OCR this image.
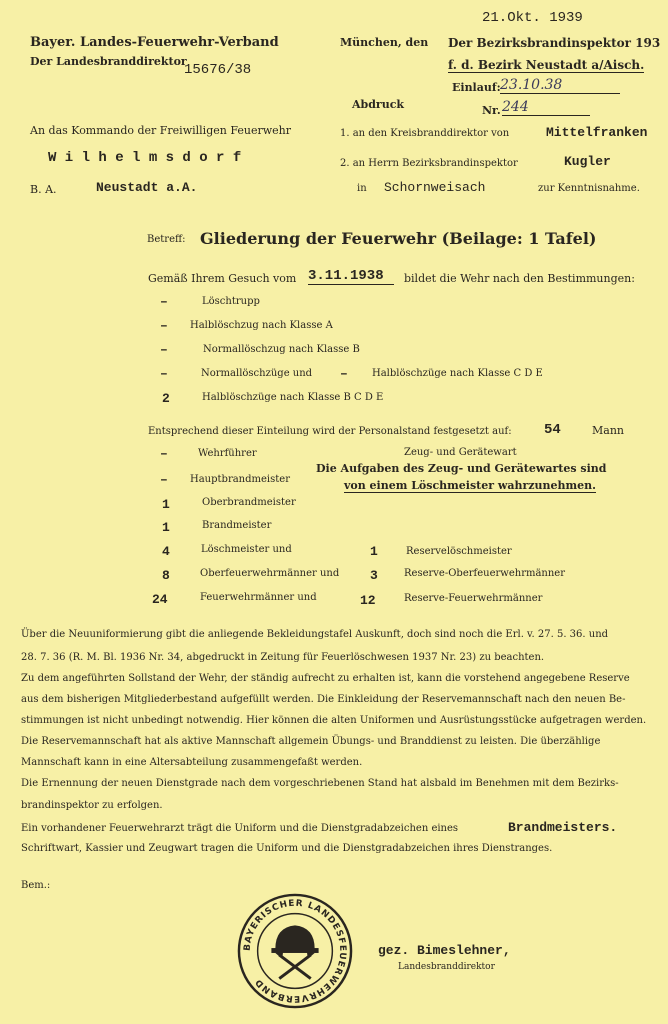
Bayer. Landes-Feuerwehr-Verband
Der Landesbranddirektor
15676/38
München, den
21.Okt. 1939
Der Bezirksbrandinspektor 193
f. d. Bezirk Neustadt a/Aisch.
Einlauf: 23.10.38
Nr. 244
Abdruck
1. an den Kreisbranddirektor von	Mittelfranken
2. an Herrn Bezirksbrandinspektor	Kugler
in Schornweisach	zur Kenntnisnahme.
An das Kommando der Freiwilligen Feuerwehr
W i l h e l m s d o r f
B. A.	Neustadt a.A.
Betreff: Gliederung der Feuerwehr (Beilage: 1 Tafel)
Gemäß Ihrem Gesuch vom 3.11.1938	bildet die Wehr nach den Bestimmungen:
–	Löschtrupp
– Halblöschzug nach Klasse A
–	Normallöschzug nach Klasse B
–	Normallöschzüge und – Halblöschzüge nach Klasse C D E
2	Halblöschzüge nach Klasse B C D E
Entsprechend dieser Einteilung wird der Personalstand festgesetzt auf: 54	Mann
Zeug- und Gerätewart
Die Aufgaben des Zeug- und Gerätewartes sind
von einem Löschmeister wahrzunehmen.
–	Wehrführer
– Hauptbrandmeister
1	Oberbrandmeister
1	Brandmeister
4	Löschmeister und	1	Reservelöschmeister
8	Oberfeuerwehrmänner und 3	Reserve-Oberfeuerwehrmänner
24	Feuerwehrmänner und	12	Reserve-Feuerwehrmänner
Über die Neuuniformierung gibt die anliegende Bekleidungstafel Auskunft, doch sind noch die Erl. v. 27. 5. 36. und
28. 7. 36 (R. M. Bl. 1936 Nr. 34, abgedruckt in Zeitung für Feuerlöschwesen 1937 Nr. 23) zu beachten.
Zu dem angeführten Sollstand der Wehr, der ständig aufrecht zu erhalten ist, kann die vorstehend angegebene Reserve
aus dem bisherigen Mitgliederbestand aufgefüllt werden. Die Einkleidung der Reservemannschaft nach den neuen Be-
stimmungen ist nicht unbedingt notwendig. Hier können die alten Uniformen und Ausrüstungsstücke aufgetragen werden.
Die Reservemannschaft hat als aktive Mannschaft allgemein Übungs- und Branddienst zu leisten. Die überzählige
Mannschaft kann in eine Altersabteilung zusammengefaßt werden.
Die Ernennung der neuen Dienstgrade nach dem vorgeschriebenen Stand hat alsbald im Benehmen mit dem Bezirks-
brandinspektor zu erfolgen.
Ein vorhandener Feuerwehrarzt trägt die Uniform und die Dienstgradabzeichen eines	Brandmeisters.
Schriftwart, Kassier und Zeugwart tragen die Uniform und die Dienstgradabzeichen ihres Dienstranges.
Bem.:
BAYERISCHER LANDESFEUERWEHRVERBAND
gez. Bimeslehner,
Landesbranddirektor
